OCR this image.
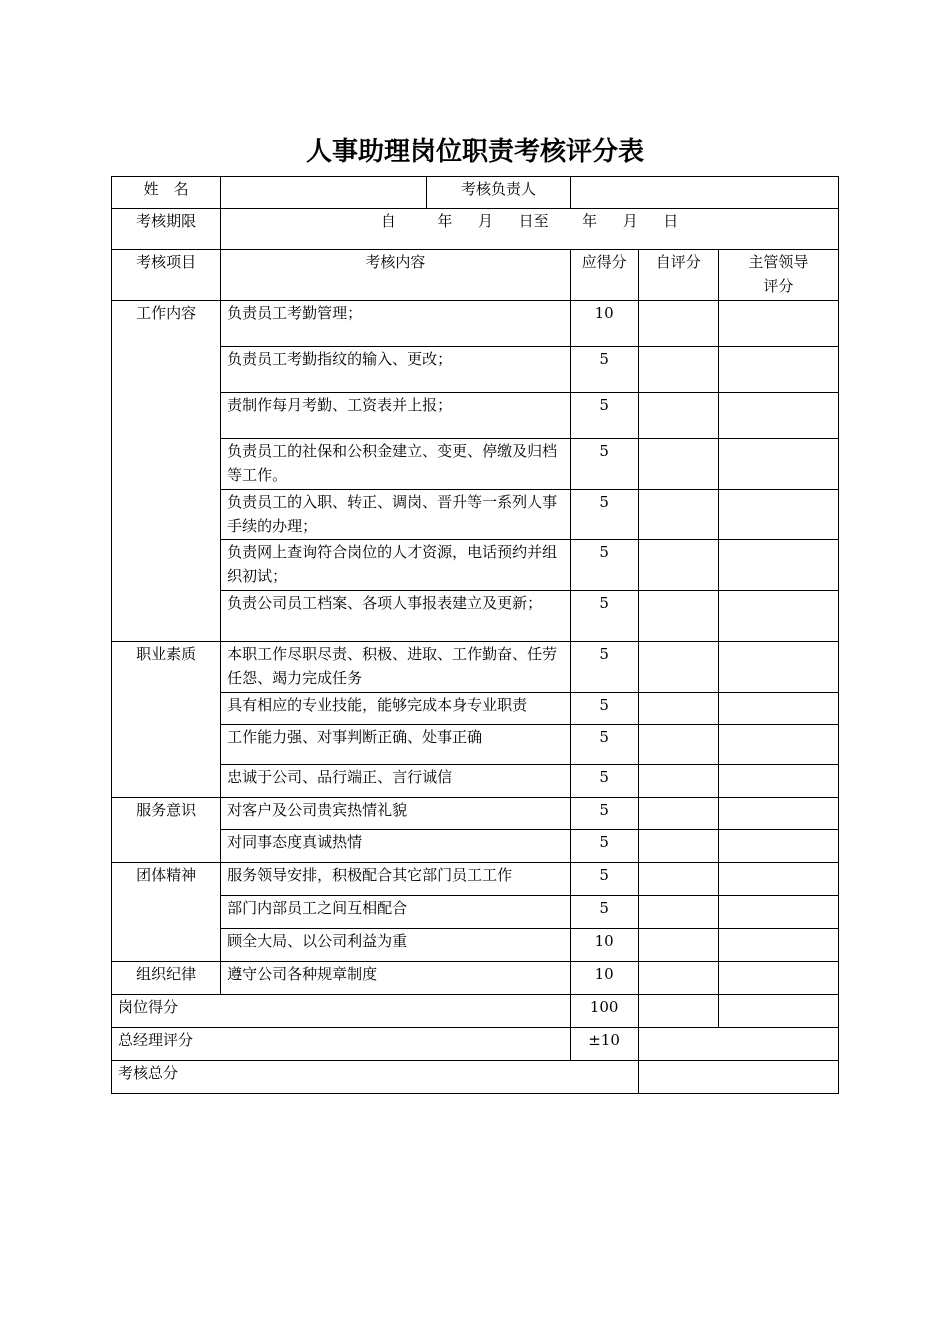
人事助理岗位职责考核评分表
姓　名		考核负责人			
考核期限	自 年 月 日至 年 月 日				
考核项目	考核内容		应得分	自评分	主管领导评分
工作内容	负责员工考勤管理；		10		
	负责员工考勤指纹的输入、更改；		5		
	责制作每月考勤、工资表并上报；		5		
	负责员工的社保和公积金建立、变更、停缴及归档等工作。		5		
	负责员工的入职、转正、调岗、晋升等一系列人事手续的办理；		5		
	负责网上查询符合岗位的人才资源，电话预约并组织初试；		5		
	负责公司员工档案、各项人事报表建立及更新；		5		
职业素质	本职工作尽职尽责、积极、进取、工作勤奋、任劳任怨、竭力完成任务		5		
	具有相应的专业技能，能够完成本身专业职责		5		
	工作能力强、对事判断正确、处事正确		5		
	忠诚于公司、品行端正、言行诚信		5		
服务意识	对客户及公司贵宾热情礼貌		5		
	对同事态度真诚热情		5		
团体精神	服务领导安排，积极配合其它部门员工工作		5		
	部门内部员工之间互相配合		5		
	顾全大局、以公司利益为重		10		
组织纪律	遵守公司各种规章制度		10		
岗位得分			100		
总经理评分			±10		
考核总分					
